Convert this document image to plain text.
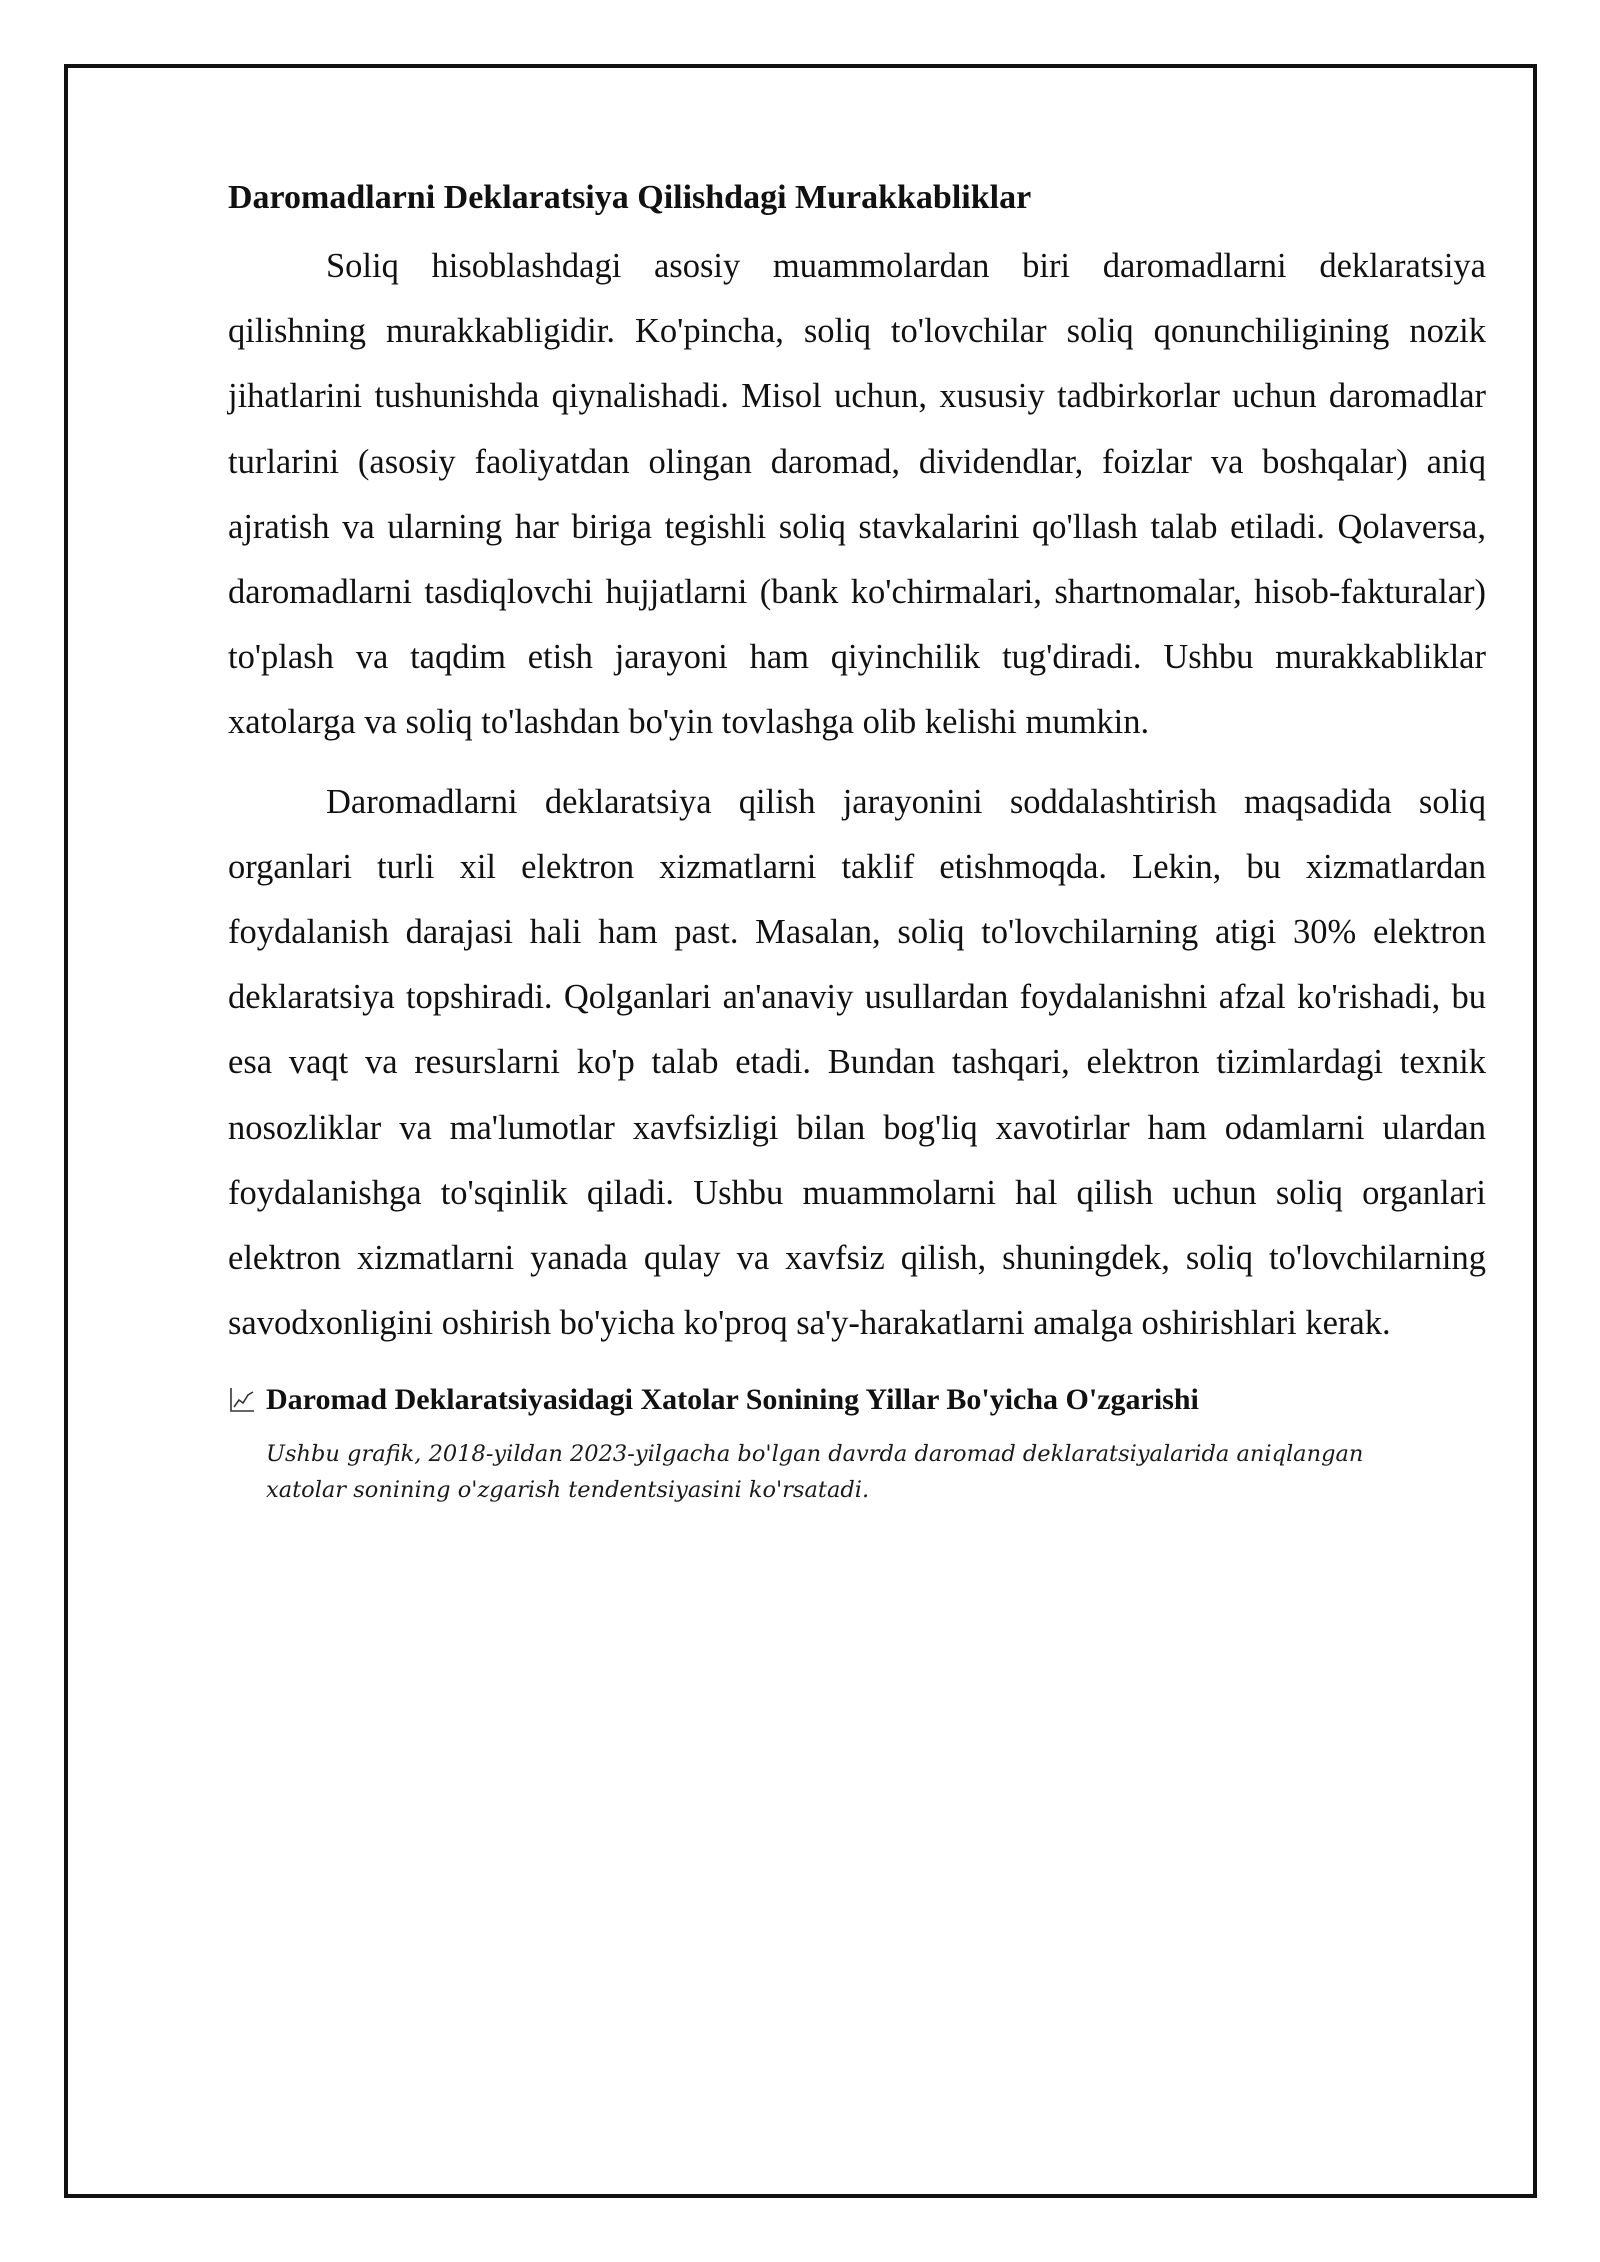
Daromadlarni Deklaratsiya Qilishdagi Murakkabliklar

Soliq hisoblashdagi asosiy muammolardan biri daromadlarni deklaratsiya qilishning murakkabligidir. Ko'pincha, soliq to'lovchilar soliq qonunchiligining nozik jihatlarini tushunishda qiynalishadi. Misol uchun, xususiy tadbirkorlar uchun daromadlar turlarini (asosiy faoliyatdan olingan daromad, dividendlar, foizlar va boshqalar) aniq ajratish va ularning har biriga tegishli soliq stavkalarini qo'llash talab etiladi. Qolaversa, daromadlarni tasdiqlovchi hujjatlarni (bank ko'chirmalari, shartnomalar, hisob-fakturalar) to'plash va taqdim etish jarayoni ham qiyinchilik tug'diradi. Ushbu murakkabliklar xatolarga va soliq to'lashdan bo'yin tovlashga olib kelishi mumkin.

Daromadlarni deklaratsiya qilish jarayonini soddalashtirish maqsadida soliq organlari turli xil elektron xizmatlarni taklif etishmoqda. Lekin, bu xizmatlardan foydalanish darajasi hali ham past. Masalan, soliq to'lovchilarning atigi 30% elektron deklaratsiya topshiradi. Qolganlari an'anaviy usullardan foydalanishni afzal ko'rishadi, bu esa vaqt va resurslarni ko'p talab etadi. Bundan tashqari, elektron tizimlardagi texnik nosozliklar va ma'lumotlar xavfsizligi bilan bog'liq xavotirlar ham odamlarni ulardan foydalanishga to'sqinlik qiladi. Ushbu muammolarni hal qilish uchun soliq organlari elektron xizmatlarni yanada qulay va xavfsiz qilish, shuningdek, soliq to'lovchilarning savodxonligini oshirish bo'yicha ko'proq sa'y-harakatlarni amalga oshirishlari kerak.

Daromad Deklaratsiyasidagi Xatolar Sonining Yillar Bo'yicha O'zgarishi
Ushbu grafik, 2018-yildan 2023-yilgacha bo'lgan davrda daromad deklaratsiyalarida aniqlangan xatolar sonining o'zgarish tendentsiyasini ko'rsatadi.
